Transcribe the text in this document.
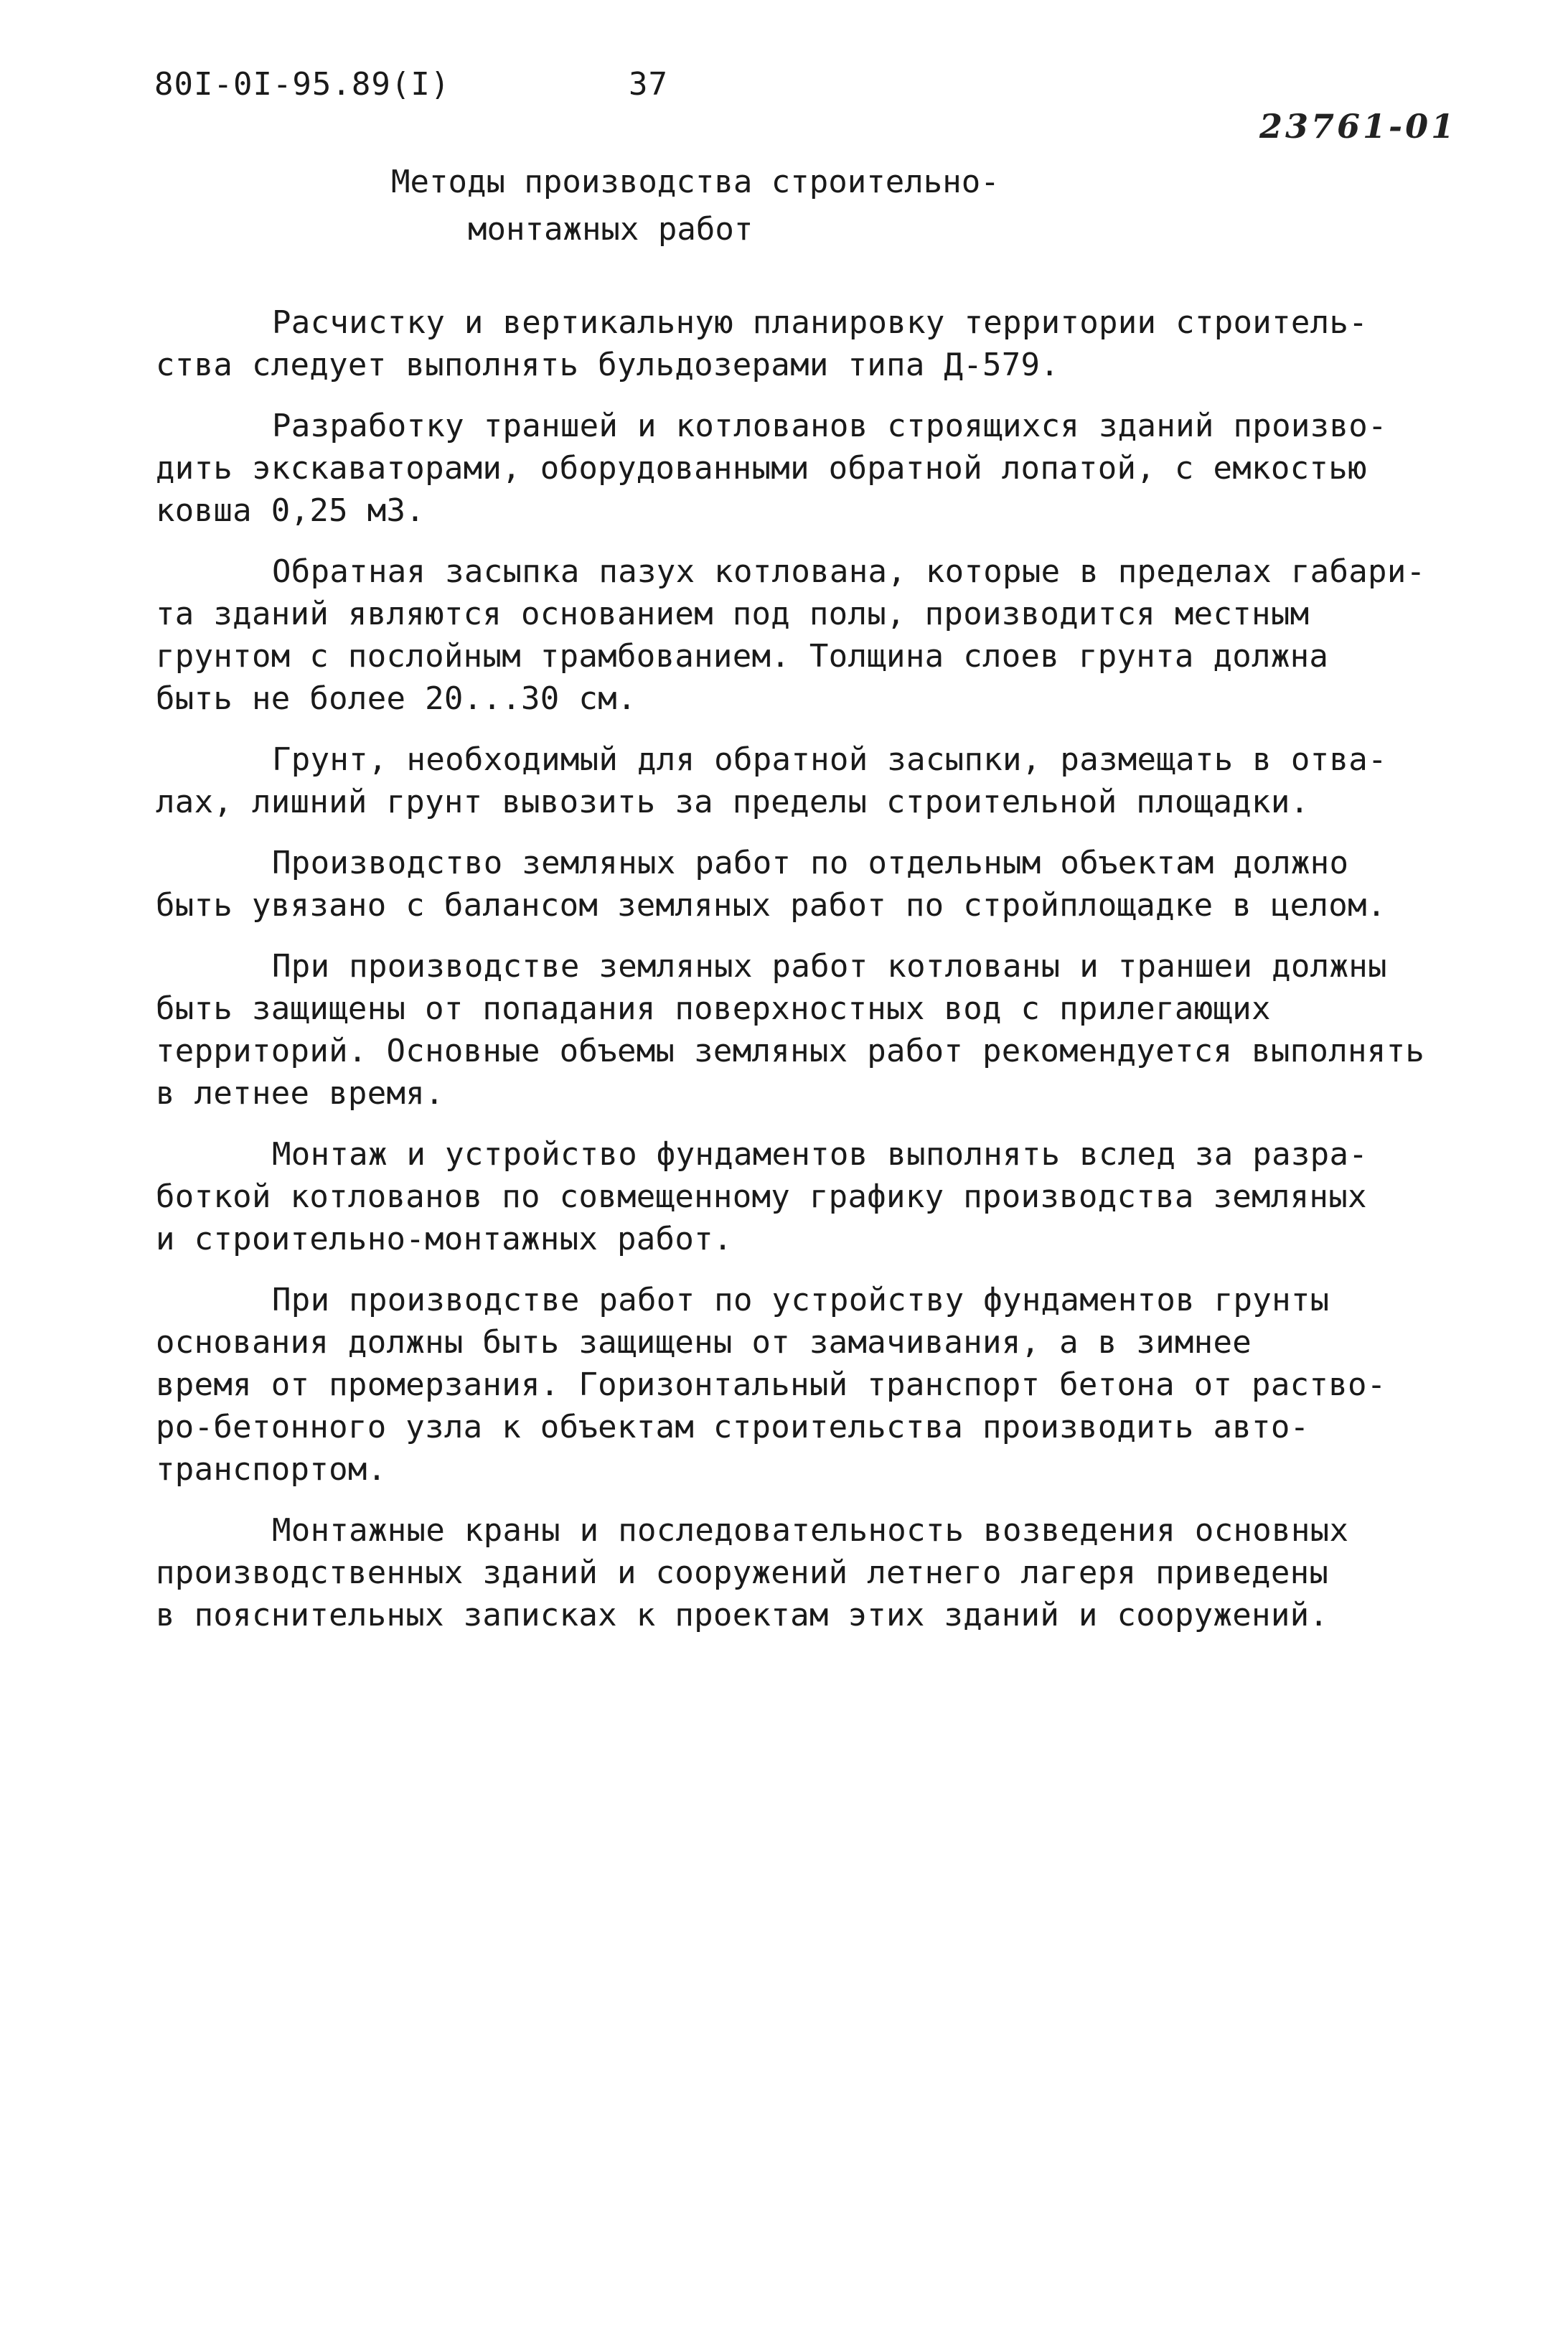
80I-0I-95.89(I)	37
23761-01
Методы производства строительно-
монтажных работ
Расчистку и вертикальную планировку территории строитель-
ства следует выполнять бульдозерами типа Д-579.
Разработку траншей и котлованов строящихся зданий произво-
дить экскаваторами, оборудованными обратной лопатой, с емкостью
ковша 0,25 м3.
Обратная засыпка пазух котлована, которые в пределах габари-
та зданий являются основанием под полы, производится местным
грунтом с послойным трамбованием. Толщина слоев грунта должна
быть не более 20...30 см.
Грунт, необходимый для обратной засыпки, размещать в отва-
лах, лишний грунт вывозить за пределы строительной площадки.
Производство земляных работ по отдельным объектам должно
быть увязано с балансом земляных работ по стройплощадке в целом.
При производстве земляных работ котлованы и траншеи должны
быть защищены от попадания поверхностных вод с прилегающих
территорий. Основные объемы земляных работ рекомендуется выполнять
в летнее время.
Монтаж и устройство фундаментов выполнять вслед за разра-
боткой котлованов по совмещенному графику производства земляных
и строительно-монтажных работ.
При производстве работ по устройству фундаментов грунты
основания должны быть защищены от замачивания, а в зимнее
время от промерзания. Горизонтальный транспорт бетона от раство-
ро-бетонного узла к объектам строительства производить авто-
транспортом.
Монтажные краны и последовательность возведения основных
производственных зданий и сооружений летнего лагеря приведены
в пояснительных записках к проектам этих зданий и сооружений.
